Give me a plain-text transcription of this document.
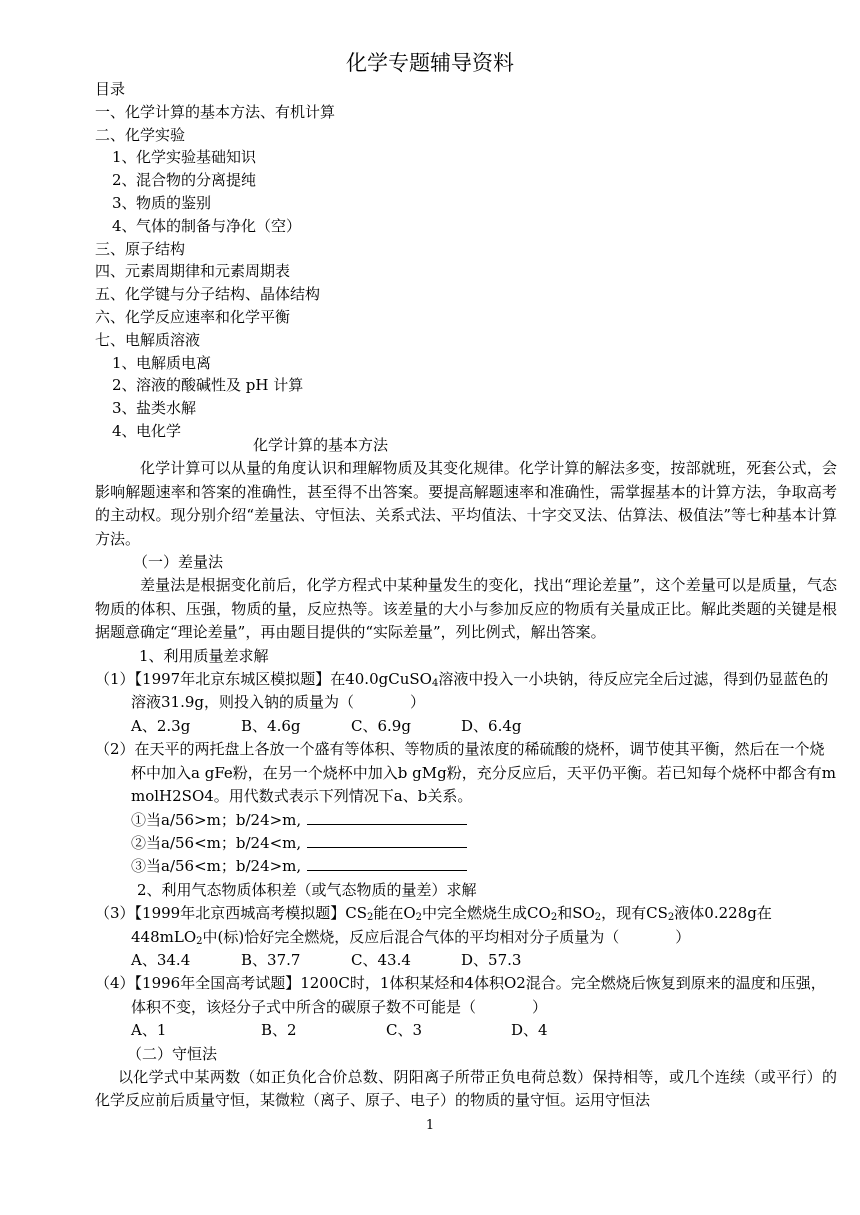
化学专题辅导资料
目录
一、化学计算的基本方法、有机计算
二、化学实验
1、化学实验基础知识
2、混合物的分离提纯
3、物质的鉴别
4、气体的制备与净化（空）
三、原子结构
四、元素周期律和元素周期表
五、化学键与分子结构、晶体结构
六、化学反应速率和化学平衡
七、电解质溶液
1、电解质电离
2、溶液的酸碱性及 pH 计算
3、盐类水解
4、电化学
化学计算的基本方法
化学计算可以从量的角度认识和理解物质及其变化规律。化学计算的解法多变，按部就班，死套公式，会影响解题速率和答案的准确性，甚至得不出答案。要提高解题速率和准确性，需掌握基本的计算方法，争取高考的主动权。现分别介绍“差量法、守恒法、关系式法、平均值法、十字交叉法、估算法、极值法”等七种基本计算方法。
（一）差量法
差量法是根据变化前后，化学方程式中某种量发生的变化，找出“理论差量”，这个差量可以是质量，气态物质的体积、压强，物质的量，反应热等。该差量的大小与参加反应的物质有关量成正比。解此类题的关键是根据题意确定“理论差量”，再由题目提供的“实际差量”，列比例式，解出答案。
1、利用质量差求解
（1）【1997年北京东城区模拟题】在40.0gCuSO$_4$溶液中投入一小块钠，待反应完全后过滤，得到仍显蓝色的溶液31.9g，则投入钠的质量为（	）
A、2.3g	B、4.6g	C、6.9g	D、6.4g
（2）在天平的两托盘上各放一个盛有等体积、等物质的量浓度的稀硫酸的烧杯，调节使其平衡，然后在一个烧杯中加入a gFe粉，在另一个烧杯中加入b gMg粉，充分反应后，天平仍平衡。若已知每个烧杯中都含有m molH2SO4。用代数式表示下列情况下a、b关系。
①当a/56>m；b/24>m,
②当a/56<m；b/24<m,
③当a/56<m；b/24>m,
2、利用气态物质体积差（或气态物质的量差）求解
（3）【1999年北京西城高考模拟题】$CS_2$能在$O_2$中完全燃烧生成$CO_2$和$SO_2$，现有$CS_2$液体0.228g在448mLO$_2$中(标)恰好完全燃烧，反应后混合气体的平均相对分子质量为（	）
A、34.4	B、37.7	C、43.4	D、57.3
（4）【1996年全国高考试题】1200C时，1体积某烃和4体积O2混合。完全燃烧后恢复到原来的温度和压强，体积不变，该烃分子式中所含的碳原子数不可能是（	）
A、1	B、2	C、3	D、4
（二）守恒法
以化学式中某两数（如正负化合价总数、阴阳离子所带正负电荷总数）保持相等，或几个连续（或平行）的化学反应前后质量守恒，某微粒（离子、原子、电子）的物质的量守恒。运用守恒法
1
